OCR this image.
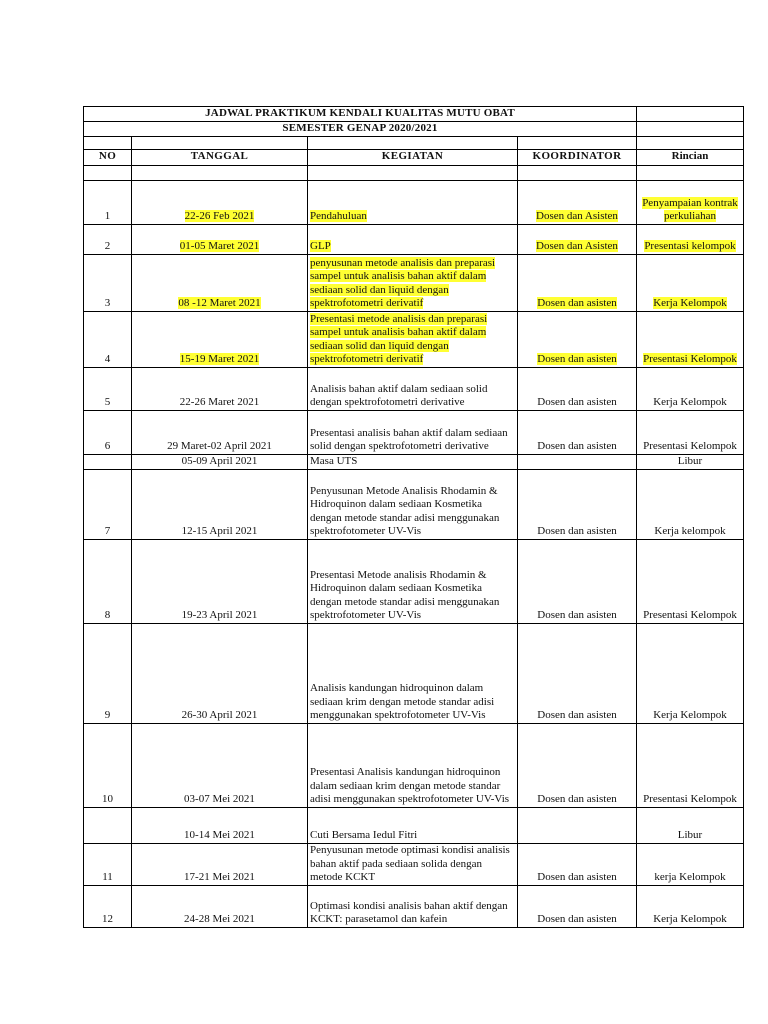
JADWAL PRAKTIKUM KENDALI KUALITAS MUTU OBAT				
SEMESTER GENAP 2020/2021				

NO	TANGGAL	KEGIATAN	KOORDINATOR	Rincian

1	22-26 Feb 2021	Pendahuluan	Dosen dan Asisten	Penyampaian kontrak perkuliahan
2	01-05 Maret 2021	GLP	Dosen dan Asisten	Presentasi kelompok
3	08 -12 Maret 2021	penyusunan metode analisis dan preparasi sampel untuk analisis bahan aktif dalam sediaan solid dan liquid dengan spektrofotometri derivatif	Dosen dan asisten	Kerja Kelompok
4	15-19 Maret 2021	Presentasi metode analisis dan preparasi sampel untuk analisis bahan aktif dalam sediaan solid dan liquid dengan spektrofotometri derivatif	Dosen dan asisten	Presentasi Kelompok
5	22-26 Maret 2021	Analisis bahan aktif dalam sediaan solid dengan spektrofotometri derivative	Dosen dan asisten	Kerja Kelompok
6	29 Maret-02 April 2021	Presentasi analisis bahan aktif dalam sediaan solid dengan spektrofotometri derivative	Dosen dan asisten	Presentasi Kelompok
	05-09 April 2021	Masa UTS		Libur
7	12-15 April 2021	Penyusunan Metode Analisis Rhodamin & Hidroquinon dalam sediaan Kosmetika dengan metode standar adisi menggunakan spektrofotometer UV-Vis	Dosen dan asisten	Kerja kelompok
8	19-23 April 2021	Presentasi Metode analisis Rhodamin & Hidroquinon dalam sediaan Kosmetika dengan metode standar adisi menggunakan spektrofotometer UV-Vis	Dosen dan asisten	Presentasi Kelompok
9	26-30 April 2021	Analisis kandungan hidroquinon dalam sediaan krim dengan metode standar adisi menggunakan spektrofotometer UV-Vis	Dosen dan asisten	Kerja Kelompok
10	03-07 Mei 2021	Presentasi Analisis kandungan hidroquinon dalam sediaan krim dengan metode standar adisi menggunakan spektrofotometer UV-Vis	Dosen dan asisten	Presentasi Kelompok
	10-14 Mei 2021	Cuti Bersama Iedul Fitri		Libur
11	17-21 Mei 2021	Penyusunan metode optimasi kondisi analisis bahan aktif pada sediaan solida dengan metode KCKT	Dosen dan asisten	kerja Kelompok
12	24-28 Mei 2021	Optimasi kondisi analisis bahan aktif dengan KCKT: parasetamol dan kafein	Dosen dan asisten	Kerja Kelompok
